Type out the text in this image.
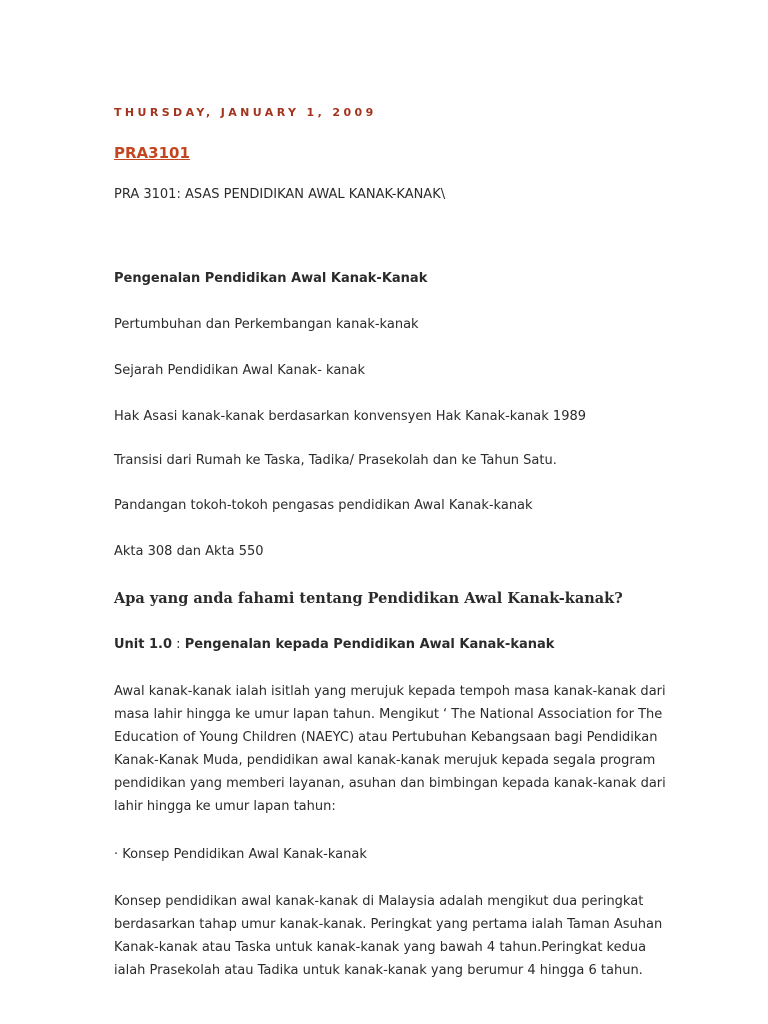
THURSDAY, JANUARY 1, 2009
PRA3101
PRA 3101: ASAS PENDIDIKAN AWAL KANAK-KANAK\
Pengenalan Pendidikan Awal Kanak-Kanak
Pertumbuhan dan Perkembangan kanak-kanak
Sejarah Pendidikan Awal Kanak- kanak
Hak Asasi kanak-kanak berdasarkan konvensyen Hak Kanak-kanak 1989
Transisi dari Rumah ke Taska, Tadika/ Prasekolah dan ke Tahun Satu.
Pandangan tokoh-tokoh pengasas pendidikan Awal Kanak-kanak
Akta 308 dan Akta 550
Apa yang anda fahami tentang Pendidikan Awal Kanak-kanak?
Unit 1.0 : Pengenalan kepada Pendidikan Awal Kanak-kanak
Awal kanak-kanak ialah isitlah yang merujuk kepada tempoh masa kanak-kanak dari
masa lahir hingga ke umur lapan tahun. Mengikut ‘ The National Association for The
Education of Young Children (NAEYC) atau Pertubuhan Kebangsaan bagi Pendidikan
Kanak-Kanak Muda, pendidikan awal kanak-kanak merujuk kepada segala program
pendidikan yang memberi layanan, asuhan dan bimbingan kepada kanak-kanak dari
lahir hingga ke umur lapan tahun:
· Konsep Pendidikan Awal Kanak-kanak
Konsep pendidikan awal kanak-kanak di Malaysia adalah mengikut dua peringkat
berdasarkan tahap umur kanak-kanak. Peringkat yang pertama ialah Taman Asuhan
Kanak-kanak atau Taska untuk kanak-kanak yang bawah 4 tahun.Peringkat kedua
ialah Prasekolah atau Tadika untuk kanak-kanak yang berumur 4 hingga 6 tahun.
